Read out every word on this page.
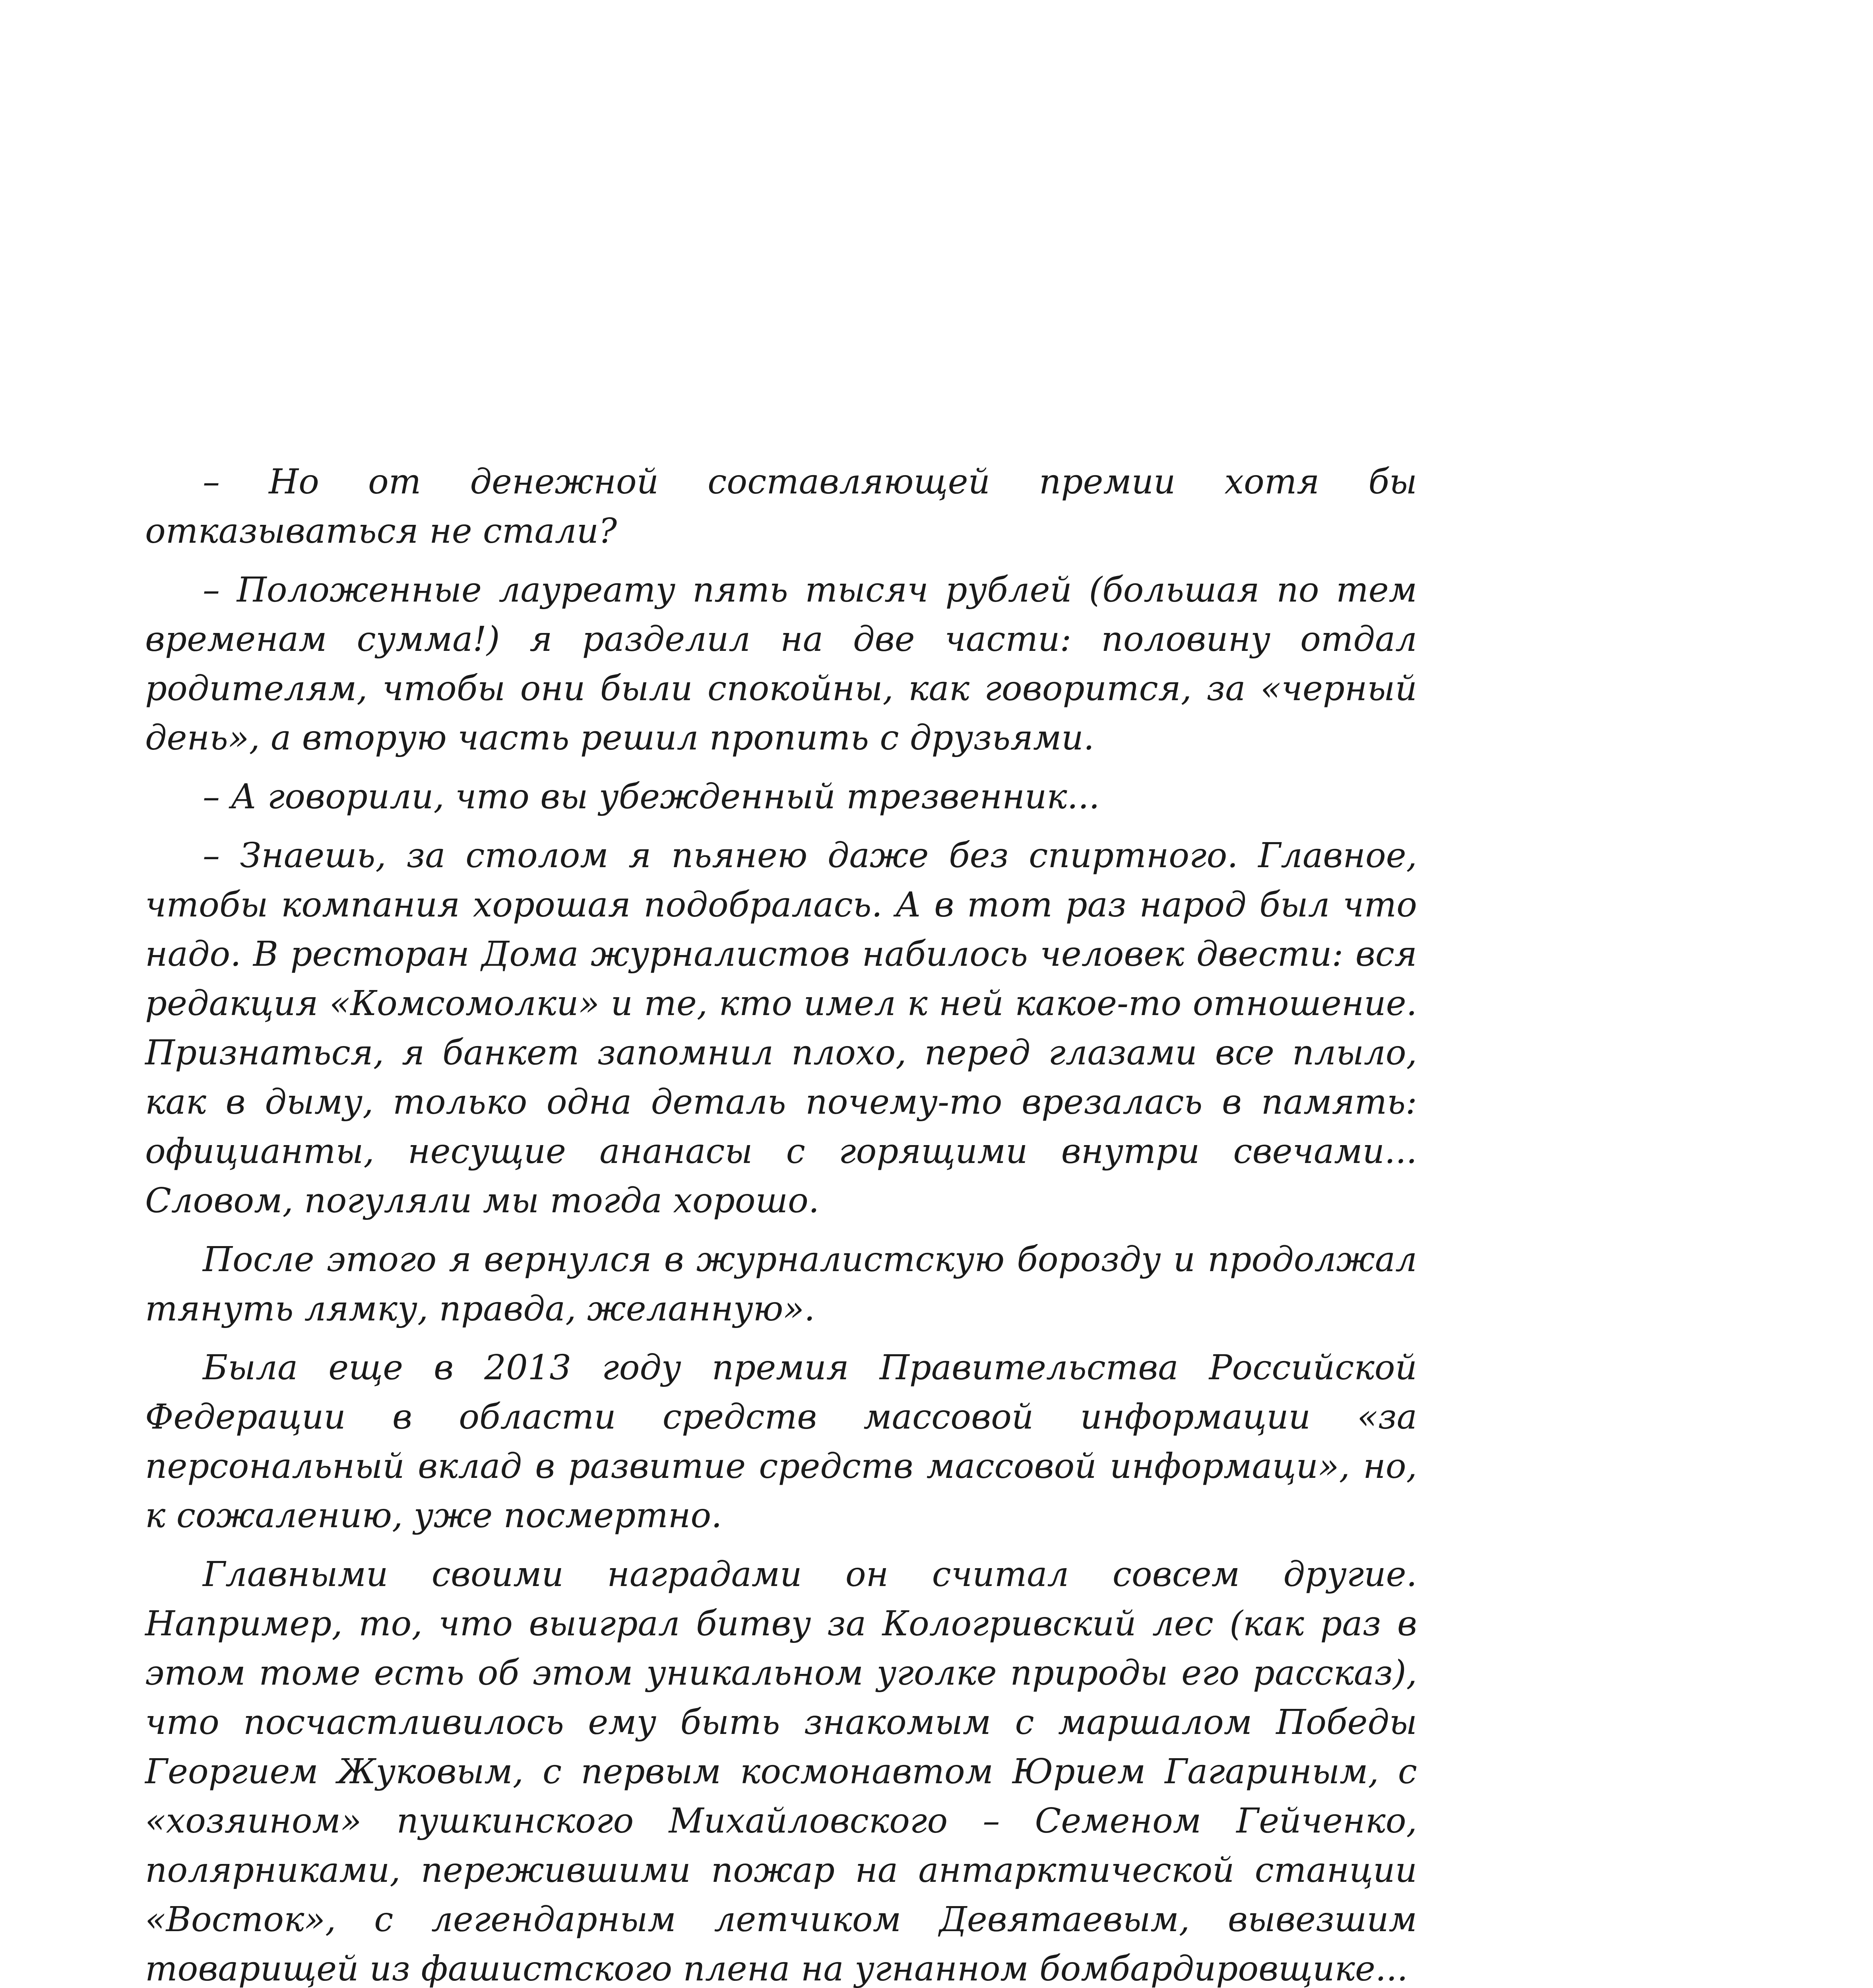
– Но от денежной составляющей премии хотя бы отказываться не стали?

– Положенные лауреату пять тысяч рублей (большая по тем временам сумма!) я разделил на две части: половину отдал родителям, чтобы они были спокойны, как говорится, за «черный день», а вторую часть решил пропить с друзьями.

– А говорили, что вы убежденный трезвенник...

– Знаешь, за столом я пьянею даже без спиртного. Главное, чтобы компания хорошая подобралась. А в тот раз народ был что надо. В ресторан Дома журналистов набилось человек двести: вся редакция «Комсомолки» и те, кто имел к ней какое-то отношение. Признаться, я банкет запомнил плохо, перед глазами все плыло, как в дыму, только одна деталь почему-то врезалась в память: официанты, несущие ананасы с горящими внутри свечами... Словом, погуляли мы тогда хорошо.

После этого я вернулся в журналистскую борозду и продолжал тянуть лямку, правда, желанную».

Была еще в 2013 году премия Правительства Российской Федерации в области средств массовой информации «за персональный вклад в развитие средств массовой информаци», но, к сожалению, уже посмертно.

Главными своими наградами он считал совсем другие. Например, то, что выиграл битву за Кологривский лес (как раз в этом томе есть об этом уникальном уголке природы его рассказ), что посчастливилось ему быть знакомым с маршалом Победы Георгием Жуковым, с первым космонавтом Юрием Гагариным, с «хозяином» пушкинского Михайловского – Семеном Гейченко, полярниками, пережившими пожар на антарктической станции «Восток», с легендарным летчиком Девятаевым, вывезшим товарищей из фашистского плена на угнанном бомбардировщике...
